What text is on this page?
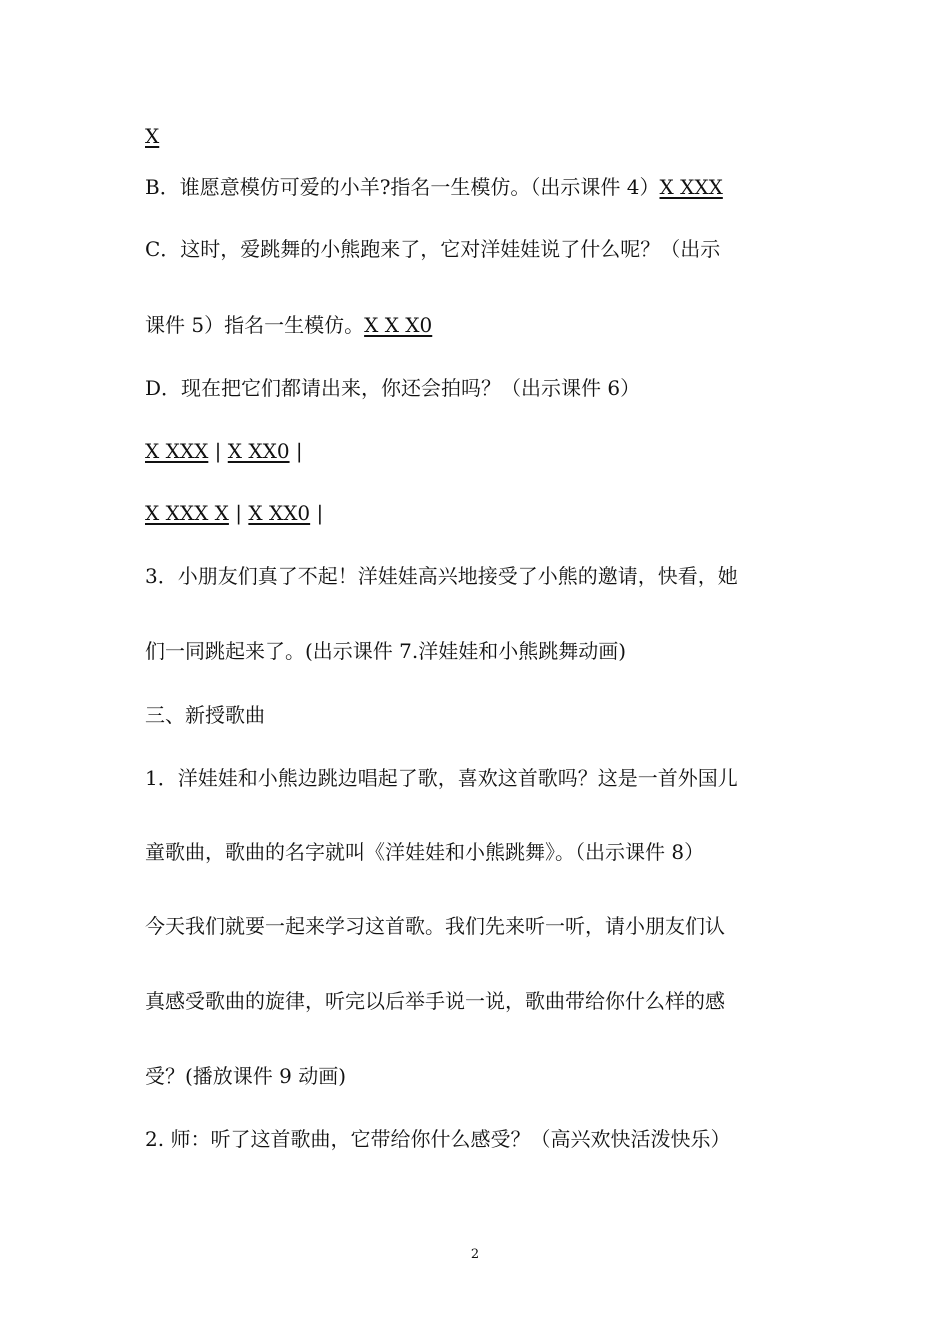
X
B．谁愿意模仿可爱的小羊?指名一生模仿。（出示课件 4）X XXX
C．这时，爱跳舞的小熊跑来了，它对洋娃娃说了什么呢？（出示
课件 5）指名一生模仿。X X X0
D．现在把它们都请出来，你还会拍吗？（出示课件 6）
X XXX | X XX0 |
X XXX X | X XX0 |
3．小朋友们真了不起！洋娃娃高兴地接受了小熊的邀请，快看，她
们一同跳起来了。(出示课件 7.洋娃娃和小熊跳舞动画)
三、新授歌曲
1．洋娃娃和小熊边跳边唱起了歌，喜欢这首歌吗？这是一首外国儿
童歌曲，歌曲的名字就叫《洋娃娃和小熊跳舞》。（出示课件 8）
今天我们就要一起来学习这首歌。我们先来听一听，请小朋友们认
真感受歌曲的旋律，听完以后举手说一说，歌曲带给你什么样的感
受？(播放课件 9 动画)
2. 师：听了这首歌曲，它带给你什么感受？（高兴欢快活泼快乐）
2
